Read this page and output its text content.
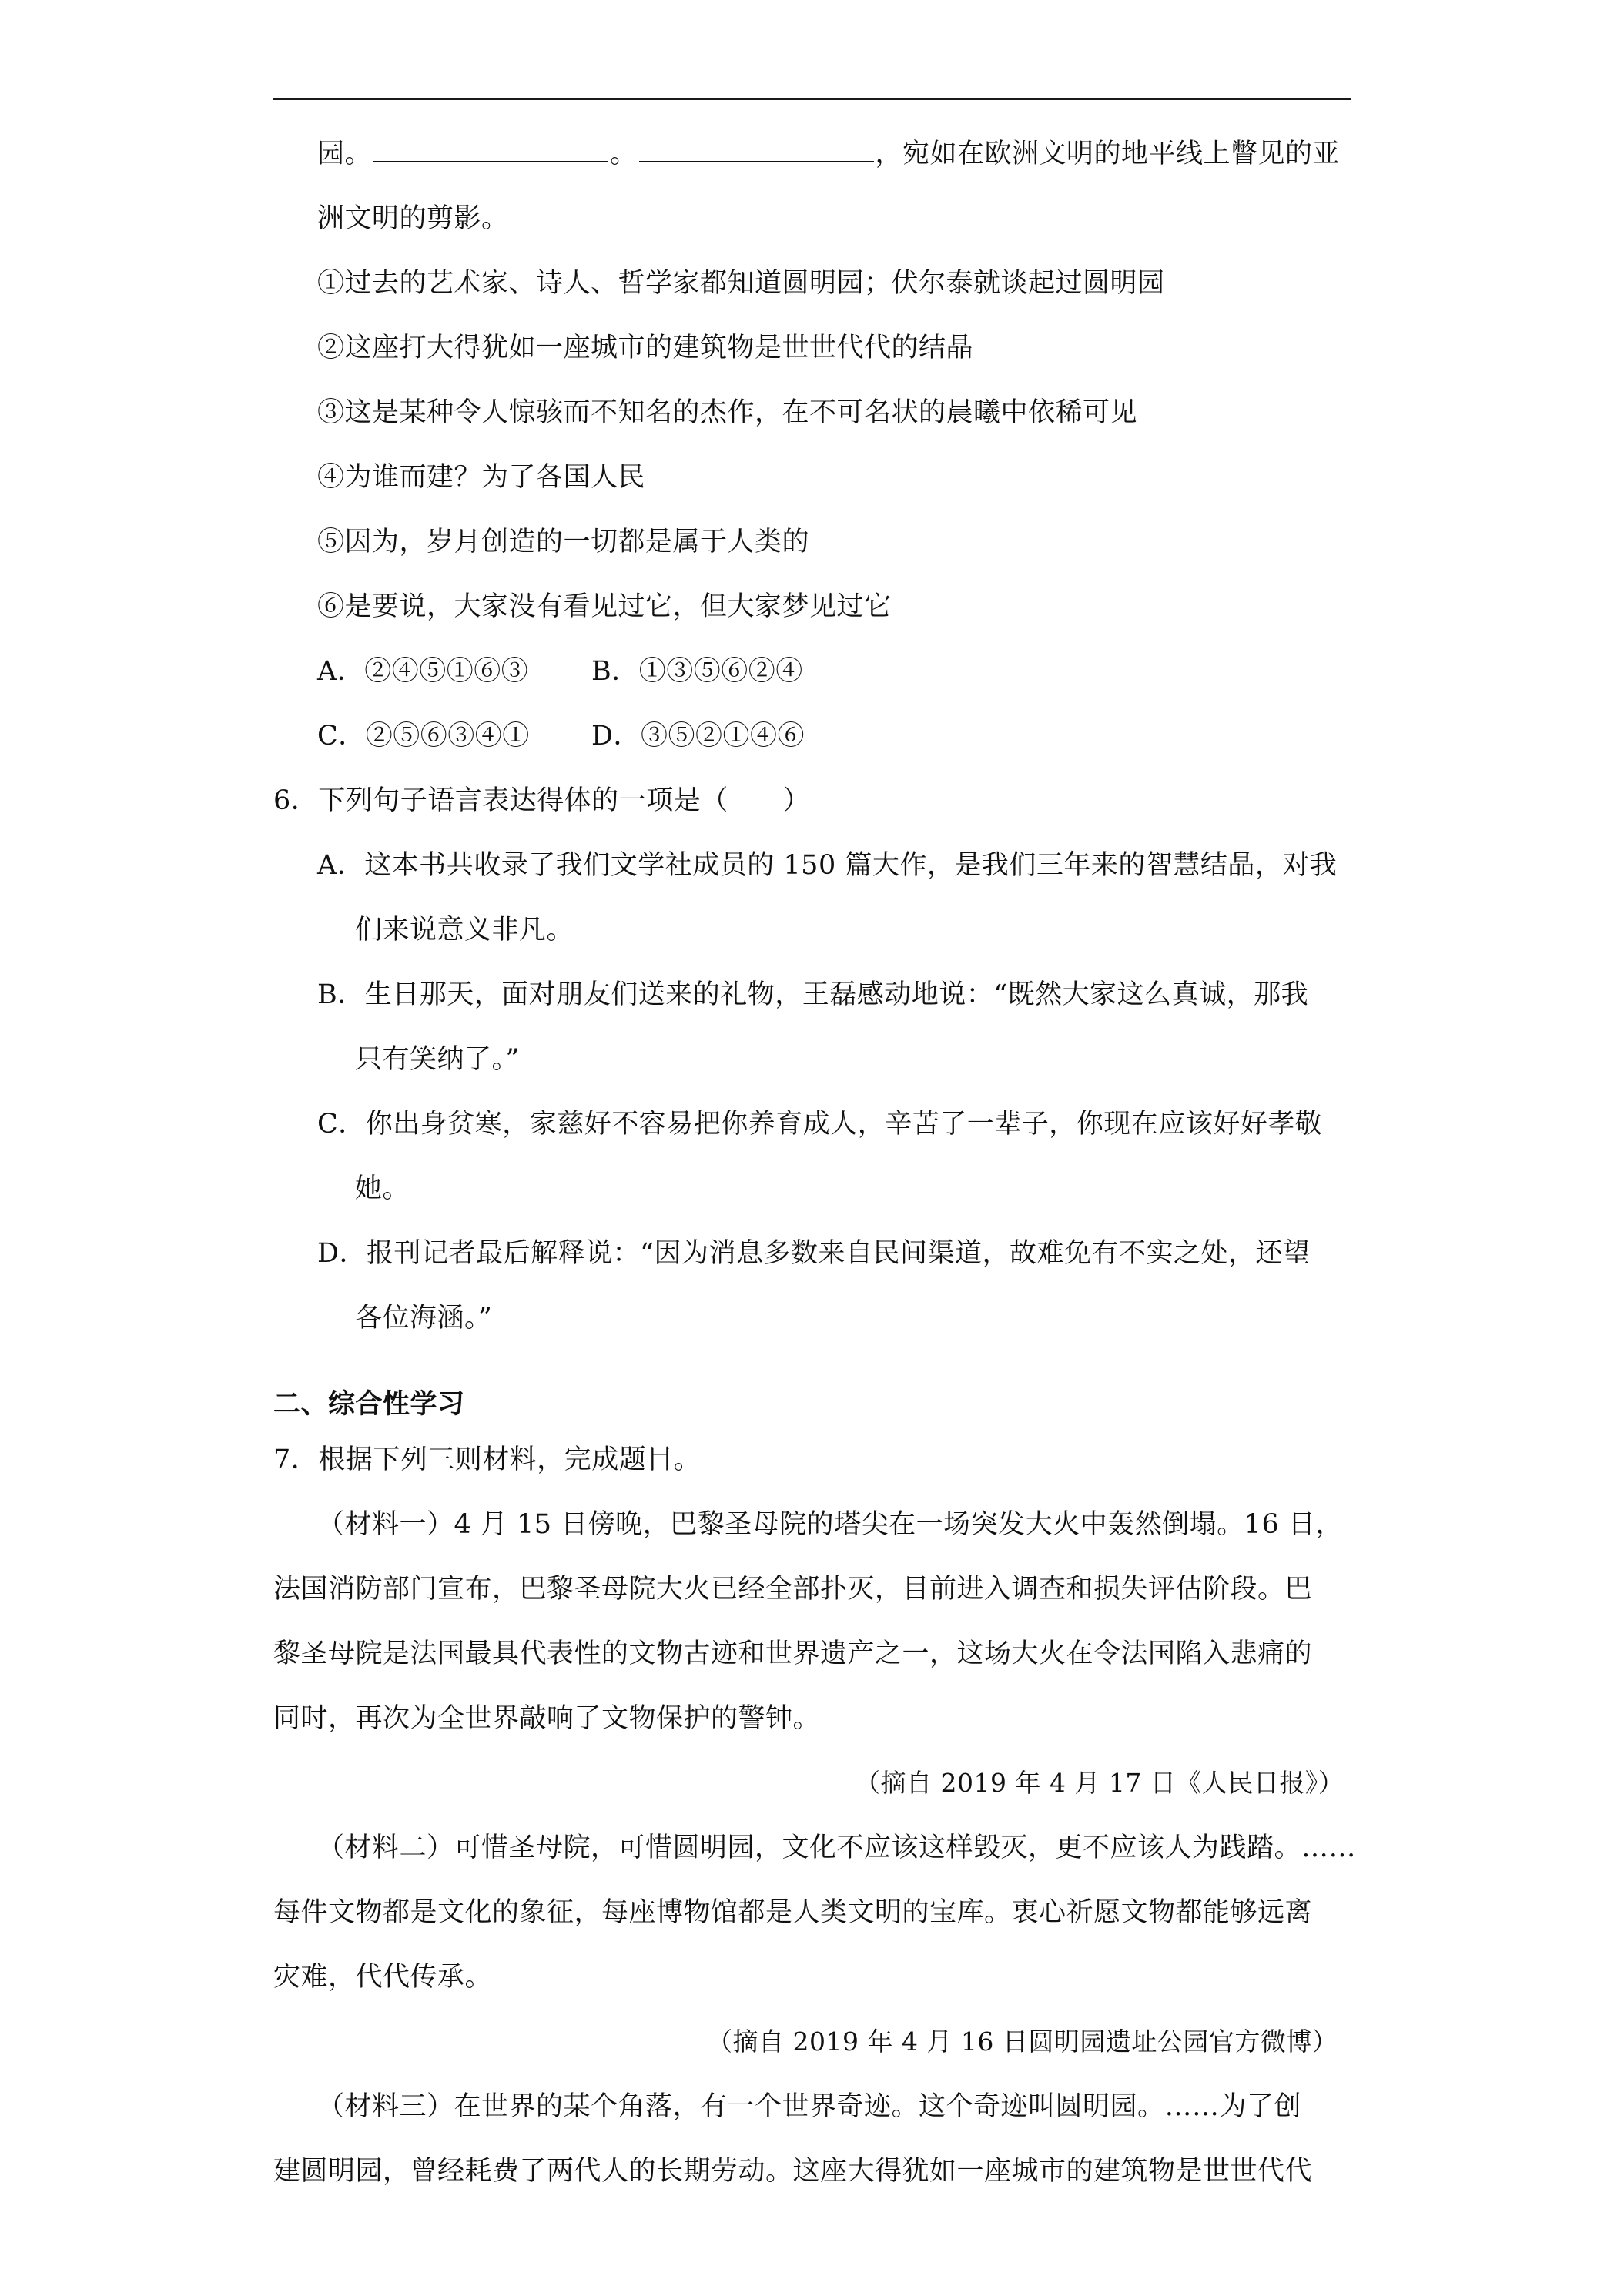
园。	。	，宛如在欧洲文明的地平线上瞥见的亚
洲文明的剪影。
①过去的艺术家、诗人、哲学家都知道圆明园；伏尔泰就谈起过圆明园
②这座打大得犹如一座城市的建筑物是世世代代的结晶
③这是某种令人惊骇而不知名的杰作，在不可名状的晨曦中依稀可见
④为谁而建？为了各国人民
⑤因为，岁月创造的一切都是属于人类的
⑥是要说，大家没有看见过它，但大家梦见过它
A．②④⑤①⑥③ B．①③⑤⑥②④
C．②⑤⑥③④① D．③⑤②①④⑥
6．下列句子语言表达得体的一项是（　　）
A．这本书共收录了我们文学社成员的 150 篇大作，是我们三年来的智慧结晶，对我
们来说意义非凡。
B．生日那天，面对朋友们送来的礼物，王磊感动地说：“既然大家这么真诚，那我
只有笑纳了。”
C．你出身贫寒，家慈好不容易把你养育成人，辛苦了一辈子，你现在应该好好孝敬
她。
D．报刊记者最后解释说：“因为消息多数来自民间渠道，故难免有不实之处，还望
各位海涵。”
二、综合性学习
7．根据下列三则材料，完成题目。
（材料一）4 月 15 日傍晚，巴黎圣母院的塔尖在一场突发大火中轰然倒塌。16 日，
法国消防部门宣布，巴黎圣母院大火已经全部扑灭，目前进入调查和损失评估阶段。巴
黎圣母院是法国最具代表性的文物古迹和世界遗产之一，这场大火在令法国陷入悲痛的
同时，再次为全世界敲响了文物保护的警钟。
（摘自 2019 年 4 月 17 日《人民日报》）
（材料二）可惜圣母院，可惜圆明园，文化不应该这样毁灭，更不应该人为践踏。……
每件文物都是文化的象征，每座博物馆都是人类文明的宝库。衷心祈愿文物都能够远离
灾难，代代传承。
（摘自 2019 年 4 月 16 日圆明园遗址公园官方微博）
（材料三）在世界的某个角落，有一个世界奇迹。这个奇迹叫圆明园。……为了创
建圆明园，曾经耗费了两代人的长期劳动。这座大得犹如一座城市的建筑物是世世代代
